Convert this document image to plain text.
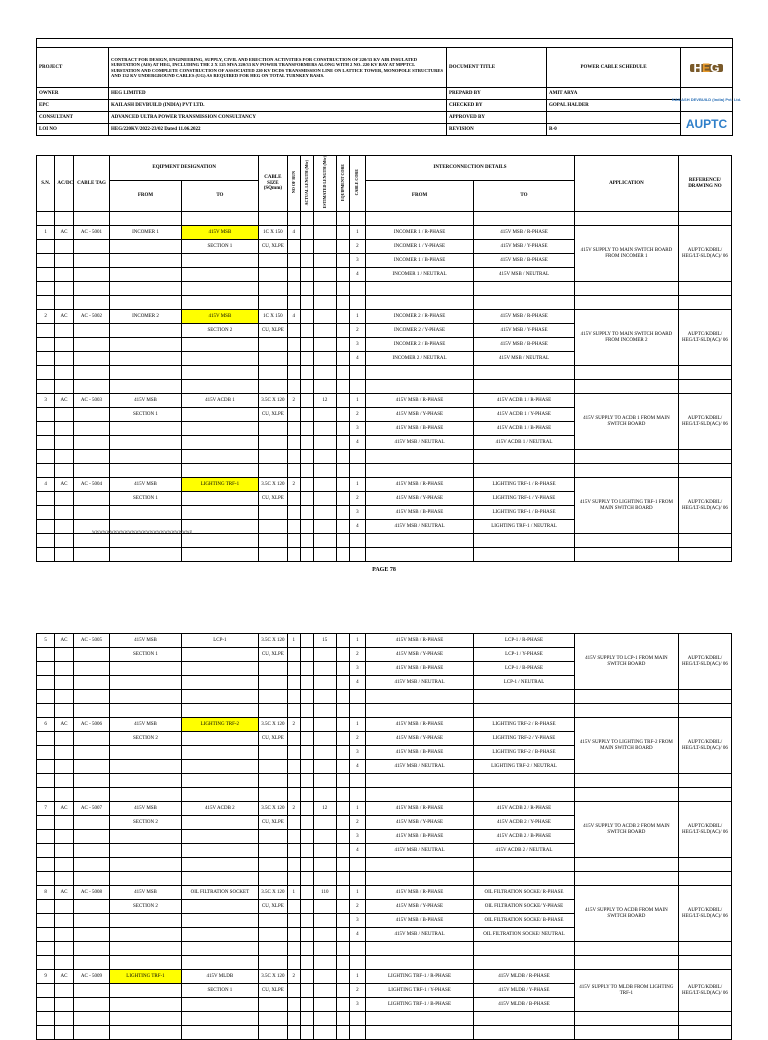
PROJECT	CONTRACT FOR DESIGN, ENGINEERING, SUPPLY, CIVIL AND ERECTION ACTIVITIES FOR CONSTRUCTION OF 220/33 KV AIR INSULATED SUBSTATION (AIS) AT HEG, INCLUDING THE 2 X 125 MVA 220/33 KV POWER TRANSFORMERS ALONG WITH 2 NO. 220 KV BAY AT MPPTCL SUBSTATION AND COMPLETE CONSTRUCTION OF ASSOCIATED 220 KV DCDS TRANSMISSION LINE ON LATTICE TOWER, MONOPOLE STRUCTURES AND 132 KV UNDERGROUND CABLES (UG) AS REQUIRED FOR HEG ON TOTAL TURNKEY BASIS.	DOCUMENT TITLE	POWER CABLE SCHEDULE	HEG

OWNER	HEG LIMITED	PREPARD BY	AMIT ARYA	KAILASH DEVBUILD (India) Pvt. Ltd.

EPC	KAILASH DEVBUILD (INDIA) PVT LTD.	CHECKED BY	GOPAL HALDER	
CONSULTANT	ADVANCED ULTRA POWER TRANSMISSION CONSULTANCY	APPROVED BY		AUPTC

LOI NO	HEG/220KV/2022-23/02 Dated 11.06.2022	REVISION	R-0	
S.N.	AC/DC	CABLE TAG	EQIPMENT DESIGNATION		CABLE SIZE (SQmm)	NO OF RUN	ACTUAL LENGTH (Mtr)	ESTIMATED LENGTH (Mtr)	EQUIPMENT CORE	CABLE CORE	INTERCONNECTION DETAILS		APPLICATION	REFERENCE/ DRAWING NO
			FROM	TO							FROM	TO		

1	AC	AC - 5001	INCOMER 1	415V MSB	1C X 150	4				1	INCOMER 1 / R-PHASE	415V MSB / R-PHASE	415V SUPPLY TO MAIN SWITCH BOARD FROM INCOMER 1	AUPTC/KDBIL/ HEG/LT-SLD(AC)/ 06
				SECTION 1	CU, XLPE					2	INCOMER 1 / Y-PHASE	415V MSB / Y-PHASE		
										3	INCOMER 1 / B-PHASE	415V MSB / B-PHASE		
										4	INCOMER 1 / NEUTRAL	415V MSB / NEUTRAL		

2	AC	AC - 5002	INCOMER 2	415V MSB	1C X 150	4				1	INCOMER 2 / R-PHASE	415V MSB / R-PHASE	415V SUPPLY TO MAIN SWITCH BOARD FROM INCOMER 2	AUPTC/KDBIL/ HEG/LT-SLD(AC)/ 06
				SECTION 2	CU, XLPE					2	INCOMER 2 / Y-PHASE	415V MSB / Y-PHASE		
										3	INCOMER 2 / B-PHASE	415V MSB / B-PHASE		
										4	INCOMER 2 / NEUTRAL	415V MSB / NEUTRAL		

3	AC	AC - 5003	415V MSB	415V ACDB 1	3.5C X 120	2		12		1	415V MSB / R-PHASE	415V ACDB 1 / R-PHASE	415V SUPPLY TO ACDB 1 FROM MAIN SWITCH BOARD	AUPTC/KDBIL/ HEG/LT-SLD(AC)/ 06
			SECTION 1		CU, XLPE					2	415V MSB / Y-PHASE	415V ACDB 1 / Y-PHASE		
										3	415V MSB / B-PHASE	415V ACDB 1 / B-PHASE		
										4	415V MSB / NEUTRAL	415V ACDB 1 / NEUTRAL		

4	AC	AC - 5004	415V MSB	LIGHTING TRF-1	3.5C X 120	2				1	415V MSB / R-PHASE	LIGHTING TRF-1 / R-PHASE	415V SUPPLY TO LIGHTING TRF-1 FROM MAIN SWITCH BOARD	AUPTC/KDBIL/ HEG/LT-SLD(AC)/ 06
			SECTION 1		CU, XLPE					2	415V MSB / Y-PHASE	LIGHTING TRF-1 / Y-PHASE		
										3	415V MSB / B-PHASE	LIGHTING TRF-1 / B-PHASE		
										4	415V MSB / NEUTRAL	LIGHTING TRF-1 / NEUTRAL		

wwwwwwwwwwwwwwwwwwwwwwwwwwwg
PAGE 78
5	AC	AC - 5005	415V MSB	LCP-1	3.5C X 120	1		15		1	415V MSB / R-PHASE	LCP-1 / R-PHASE	415V SUPPLY TO LCP-1 FROM MAIN SWITCH BOARD	AUPTC/KDBIL/ HEG/LT-SLD(AC)/ 06
			SECTION 1		CU, XLPE					2	415V MSB / Y-PHASE	LCP-1 / Y-PHASE		
										3	415V MSB / B-PHASE	LCP-1 / B-PHASE		
										4	415V MSB / NEUTRAL	LCP-1 / NEUTRAL		

6	AC	AC - 5006	415V MSB	LIGHTING TRF-2	3.5C X 120	2				1	415V MSB / R-PHASE	LIGHTING TRF-2 / R-PHASE	415V SUPPLY TO LIGHTING TRF-2 FROM MAIN SWITCH BOARD	AUPTC/KDBIL/ HEG/LT-SLD(AC)/ 06
			SECTION 2		CU, XLPE					2	415V MSB / Y-PHASE	LIGHTING TRF-2 / Y-PHASE		
										3	415V MSB / B-PHASE	LIGHTING TRF-2 / B-PHASE		
										4	415V MSB / NEUTRAL	LIGHTING TRF-2 / NEUTRAL		

7	AC	AC - 5007	415V MSB	415V ACDB 2	3.5C X 120	2		12		1	415V MSB / R-PHASE	415V ACDB 2 / R-PHASE	415V SUPPLY TO ACDB 2 FROM MAIN SWITCH BOARD	AUPTC/KDBIL/ HEG/LT-SLD(AC)/ 06
			SECTION 2		CU, XLPE					2	415V MSB / Y-PHASE	415V ACDB 2 / Y-PHASE		
										3	415V MSB / B-PHASE	415V ACDB 2 / B-PHASE		
										4	415V MSB / NEUTRAL	415V ACDB 2 / NEUTRAL		

8	AC	AC - 5008	415V MSB	OIL FILTRATION SOCKET	3.5C X 120	1		110		1	415V MSB / R-PHASE	OIL FILTRATION SOCKE/ R-PHASE	415V SUPPLY TO ACDB FROM MAIN SWITCH BOARD	AUPTC/KDBIL/ HEG/LT-SLD(AC)/ 06
			SECTION 2		CU, XLPE					2	415V MSB / Y-PHASE	OIL FILTRATION SOCKE/ Y-PHASE		
										3	415V MSB / B-PHASE	OIL FILTRATION SOCKE/ B-PHASE		
										4	415V MSB / NEUTRAL	OIL FILTRATION SOCKE/ NEUTRAL		

9	AC	AC - 5009	LIGHTING TRF-1	415V MLDB	3.5C X 120	2				1	LIGHTING TRF-1 / R-PHASE	415V MLDB / R-PHASE	415V SUPPLY TO MLDB FROM LIGHTING TRF-1	AUPTC/KDBIL/ HEG/LT-SLD(AC)/ 06
				SECTION 1	CU, XLPE					2	LIGHTING TRF-1 / Y-PHASE	415V MLDB / Y-PHASE		
										3	LIGHTING TRF-1 / B-PHASE	415V MLDB / B-PHASE		
